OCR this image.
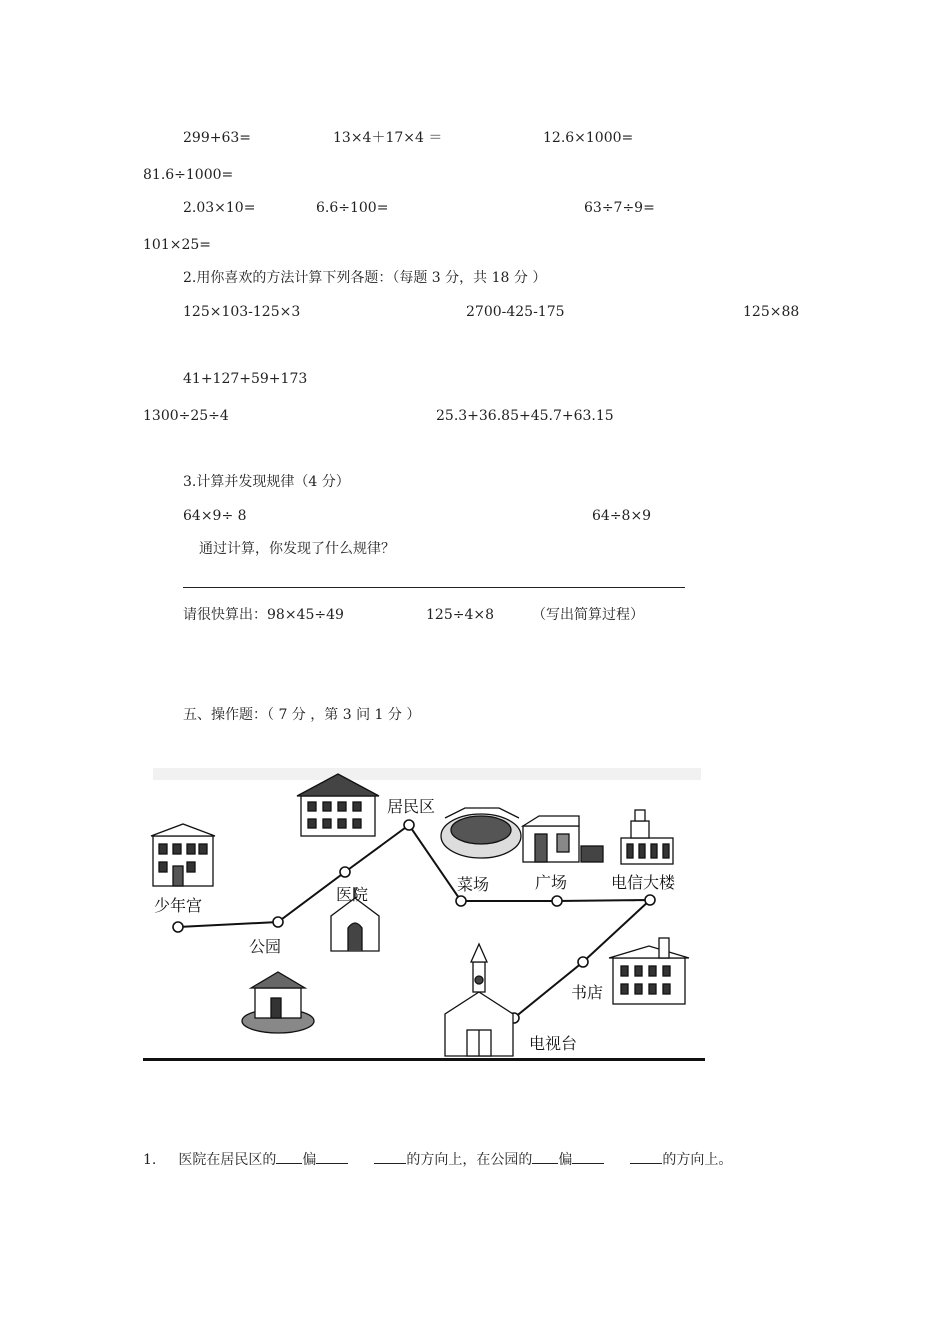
299+63=	13×4＋17×4 ＝	12.6×1000=
81.6÷1000=
2.03×10=	6.6÷100=	63÷7÷9=
101×25=
2.用你喜欢的方法计算下列各题：（每题 3 分，共 18 分 ）
125×103-125×3	2700-425-175	125×88
41+127+59+173
1300÷25÷4	25.3+36.85+45.7+63.15
3.计算并发现规律（4 分）
64×9÷ 8	64÷8×9
通过计算，你发现了什么规律？
请很快算出：98×45÷49	125÷4×8	（写出简算过程）
五、操作题：（ 7 分 ，第 3 问 1 分 ）
少年宫
公园
医院
居民区
菜场	广场	电信大楼
书店
电视台
1. 医院在居民区的 偏	的方向上，在公园的 偏	的方向上。
